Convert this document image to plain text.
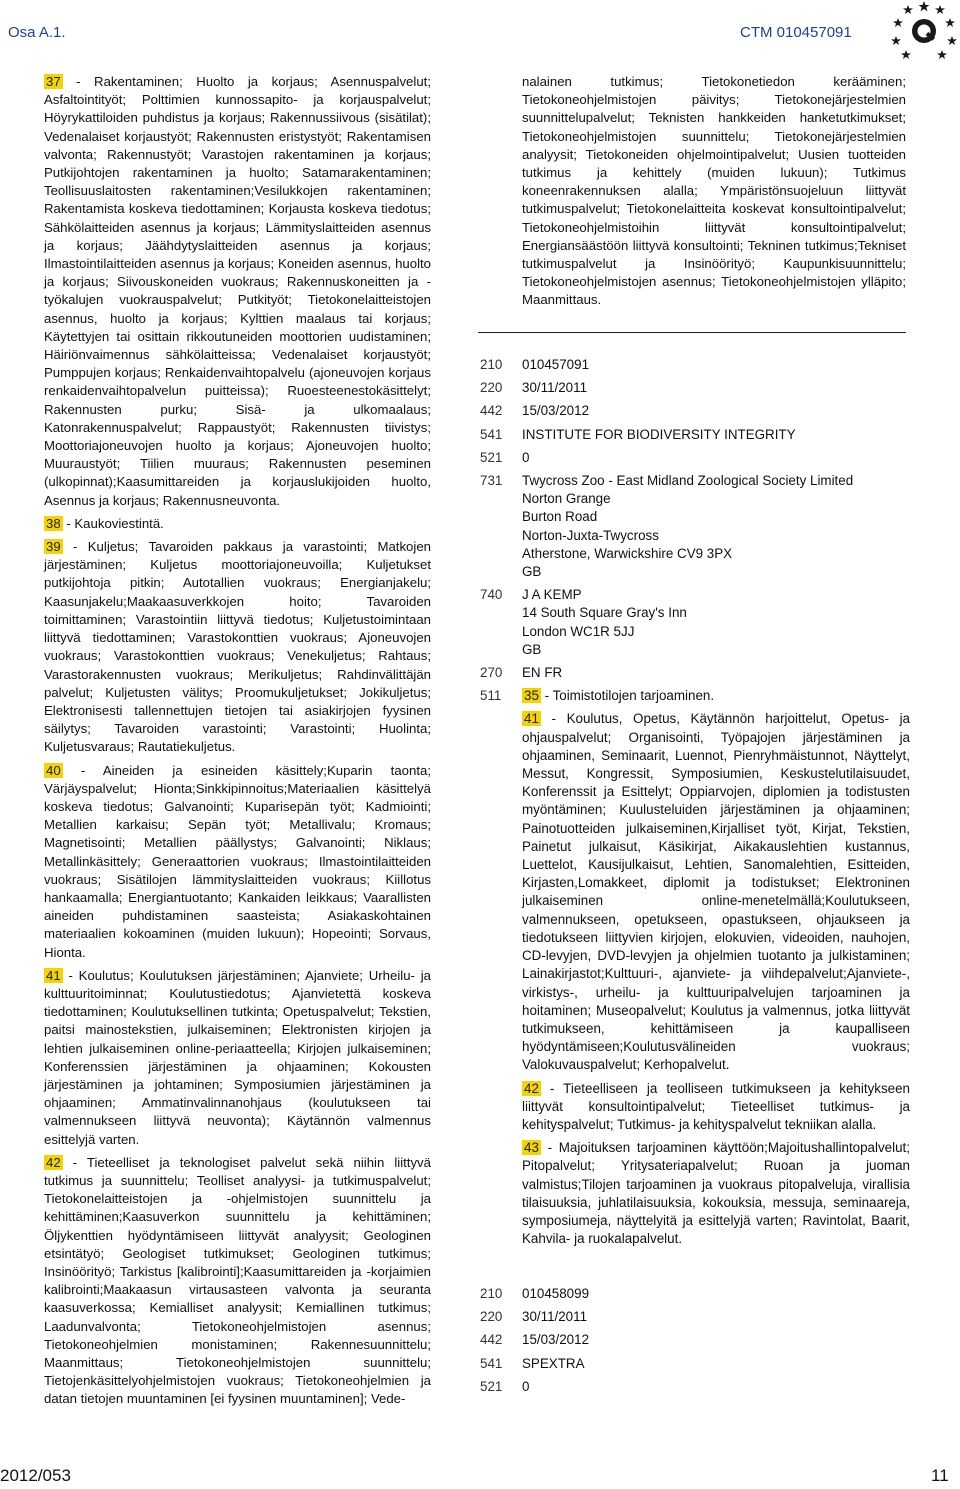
Osa A.1.	CTM 010457091

37 - Rakentaminen; Huolto ja korjaus; Asennuspalvelut; Asfaltointityöt; Polttimien kunnossapito- ja korjauspalvelut; Höyrykattiloiden puhdistus ja korjaus; Rakennussiivous (sisätilat); Vedenalaiset korjaustyöt; Rakennusten eristystyöt; Rakentamisen valvonta; Rakennustyöt; Varastojen rakentaminen ja korjaus; Putkijohtojen rakentaminen ja huolto; Satamarakentaminen; Teollisuuslaitosten rakentaminen;Vesilukkojen rakentaminen; Rakentamista koskeva tiedottaminen; Korjausta koskeva tiedotus; Sähkölaitteiden asennus ja korjaus; Lämmityslaitteiden asennus ja korjaus; Jäähdytyslaitteiden asennus ja korjaus; Ilmastointilaitteiden asennus ja korjaus; Koneiden asennus, huolto ja korjaus; Siivouskoneiden vuokraus; Rakennuskoneitten ja -työkalujen vuokrauspalvelut; Putkityöt; Tietokonelaitteistojen asennus, huolto ja korjaus; Kylttien maalaus tai korjaus; Käytettyjen tai osittain rikkoutuneiden moottorien uudistaminen; Häiriönvaimennus sähkölaitteissa; Vedenalaiset korjaustyöt; Pumppujen korjaus; Renkaidenvaihtopalvelu (ajoneuvojen korjaus renkaidenvaihtopalvelun puitteissa); Ruoesteenestokäsittelyt; Rakennusten purku; Sisä- ja ulkomaalaus; Katonrakennuspalvelut; Rappaustyöt; Rakennusten tiivistys; Moottoriajoneuvojen huolto ja korjaus; Ajoneuvojen huolto; Muuraustyöt; Tiilien muuraus; Rakennusten peseminen (ulkopinnat);Kaasumittareiden ja korjauslukijoiden huolto, Asennus ja korjaus; Rakennusneuvonta.

38 - Kaukoviestintä.

39 - Kuljetus; Tavaroiden pakkaus ja varastointi; Matkojen järjestäminen; Kuljetus moottoriajoneuvoilla; Kuljetukset putkijohtoja pitkin; Autotallien vuokraus; Energianjakelu; Kaasunjakelu;Maakaasuverkkojen hoito; Tavaroiden toimittaminen; Varastointiin liittyvä tiedotus; Kuljetustoimintaan liittyvä tiedottaminen; Varastokonttien vuokraus; Ajoneuvojen vuokraus; Varastokonttien vuokraus; Venekuljetus; Rahtaus; Varastorakennusten vuokraus; Merikuljetus; Rahdinvälittäjän palvelut; Kuljetusten välitys; Proomukuljetukset; Jokikuljetus; Elektronisesti tallennettujen tietojen tai asiakirjojen fyysinen säilytys; Tavaroiden varastointi; Varastointi; Huolinta; Kuljetusvaraus; Rautatiekuljetus.

40 - Aineiden ja esineiden käsittely;Kuparin taonta; Värjäyspalvelut; Hionta;Sinkkipinnoitus;Materiaalien käsittelyä koskeva tiedotus; Galvanointi; Kuparisepän työt; Kadmiointi; Metallien karkaisu; Sepän työt; Metallivalu; Kromaus; Magnetisointi; Metallien päällystys; Galvanointi; Niklaus; Metallinkäsittely; Generaattorien vuokraus; Ilmastointilaitteiden vuokraus; Sisätilojen lämmityslaitteiden vuokraus; Kiillotus hankaamalla; Energiantuotanto; Kankaiden leikkaus; Vaarallisten aineiden puhdistaminen saasteista; Asiakaskohtainen materiaalien kokoaminen (muiden lukuun); Hopeointi; Sorvaus, Hionta.

41 - Koulutus; Koulutuksen järjestäminen; Ajanviete; Urheilu- ja kulttuuritoiminnat; Koulutustiedotus; Ajanvietettä koskeva tiedottaminen; Koulutuksellinen tutkinta; Opetuspalvelut; Tekstien, paitsi mainostekstien, julkaiseminen; Elektronisten kirjojen ja lehtien julkaiseminen online-periaatteella; Kirjojen julkaiseminen; Konferenssien järjestäminen ja ohjaaminen; Kokousten järjestäminen ja johtaminen; Symposiumien järjestäminen ja ohjaaminen; Ammatinvalinnanohjaus (koulutukseen tai valmennukseen liittyvä neuvonta); Käytännön valmennus esittelyjä varten.

42 - Tieteelliset ja teknologiset palvelut sekä niihin liittyvä tutkimus ja suunnittelu; Teolliset analyysi- ja tutkimuspalvelut; Tietokonelaitteistojen ja -ohjelmistojen suunnittelu ja kehittäminen;Kaasuverkon suunnittelu ja kehittäminen; Öljykenttien hyödyntämiseen liittyvät analyysit; Geologinen etsintätyö; Geologiset tutkimukset; Geologinen tutkimus; Insinöörityö; Tarkistus [kalibrointi];Kaasumittareiden ja -korjaimien kalibrointi;Maakaasun virtausasteen valvonta ja seuranta kaasuverkossa; Kemialliset analyysit; Kemiallinen tutkimus; Laadunvalvonta; Tietokoneohjelmistojen asennus; Tietokoneohjelmien monistaminen; Rakennesuunnittelu; Maanmittaus; Tietokoneohjelmistojen suunnittelu; Tietojenkäsittelyohjelmistojen vuokraus; Tietokoneohjelmien ja datan tietojen muuntaminen [ei fyysinen muuntaminen]; Vede-

nalainen tutkimus; Tietokonetiedon kerääminen; Tietokoneohjelmistojen päivitys; Tietokonejärjestelmien suunnittelupalvelut; Teknisten hankkeiden hanketutkimukset; Tietokoneohjelmistojen suunnittelu; Tietokonejärjestelmien analyysit; Tietokoneiden ohjelmointipalvelut; Uusien tuotteiden tutkimus ja kehittely (muiden lukuun); Tutkimus koneenrakennuksen alalla; Ympäristönsuojeluun liittyvät tutkimuspalvelut; Tietokonelaitteita koskevat konsultointipalvelut; Tietokoneohjelmistoihin liittyvät konsultointipalvelut; Energiansäästöön liittyvä konsultointi; Tekninen tutkimus;Tekniset tutkimuspalvelut ja Insinöörityö; Kaupunkisuunnittelu; Tietokoneohjelmistojen asennus; Tietokoneohjelmistojen ylläpito; Maanmittaus.
210	010457091
220	30/11/2011
442	15/03/2012
541	INSTITUTE FOR BIODIVERSITY INTEGRITY
521	0
731	Twycross Zoo - East Midland Zoological Society Limited
Norton Grange
Burton Road
Norton-Juxta-Twycross
Atherstone, Warwickshire CV9 3PX
GB
740	J A KEMP
14 South Square Gray's Inn
London WC1R 5JJ
GB
270	EN FR
511	35 - Toimistotilojen tarjoaminen.

41 - Koulutus, Opetus, Käytännön harjoittelut, Opetus- ja ohjauspalvelut; Organisointi, Työpajojen järjestäminen ja ohjaaminen, Seminaarit, Luennot, Pienryhmäistunnot, Näyttelyt, Messut, Kongressit, Symposiumien, Keskustelutilaisuudet, Konferenssit ja Esittelyt; Oppiarvojen, diplomien ja todistusten myöntäminen; Kuulusteluiden järjestäminen ja ohjaaminen; Painotuotteiden julkaiseminen,Kirjalliset työt, Kirjat, Tekstien, Painetut julkaisut, Käsikirjat, Aikakauslehtien kustannus, Luettelot, Kausijulkaisut, Lehtien, Sanomalehtien, Esitteiden, Kirjasten,Lomakkeet, diplomit ja todistukset; Elektroninen julkaiseminen online-menetelmällä;Koulutukseen, valmennukseen, opetukseen, opastukseen, ohjaukseen ja tiedotukseen liittyvien kirjojen, elokuvien, videoiden, nauhojen, CD-levyjen, DVD-levyjen ja ohjelmien tuotanto ja julkistaminen; Lainakirjastot;Kulttuuri-, ajanviete- ja viihdepalvelut;Ajanviete-, virkistys-, urheilu- ja kulttuuripalvelujen tarjoaminen ja hoitaminen; Museopalvelut; Koulutus ja valmennus, jotka liittyvät tutkimukseen, kehittämiseen ja kaupalliseen hyödyntämiseen;Koulutusvälineiden vuokraus; Valokuvauspalvelut; Kerhopalvelut.

42 - Tieteelliseen ja teolliseen tutkimukseen ja kehitykseen liittyvät konsultointipalvelut; Tieteelliset tutkimus- ja kehityspalvelut; Tutkimus- ja kehityspalvelut tekniikan alalla.

43 - Majoituksen tarjoaminen käyttöön;Majoitushallintopalvelut; Pitopalvelut; Yritysateriapalvelut; Ruoan ja juoman valmistus;Tilojen tarjoaminen ja vuokraus pitopalveluja, virallisia tilaisuuksia, juhlatilaisuuksia, kokouksia, messuja, seminaareja, symposiumeja, näyttelyitä ja esittelyjä varten; Ravintolat, Baarit, Kahvila- ja ruokalapalvelut.

210	010458099
220	30/11/2011
442	15/03/2012
541	SPEXTRA
521	0
2012/053	11
